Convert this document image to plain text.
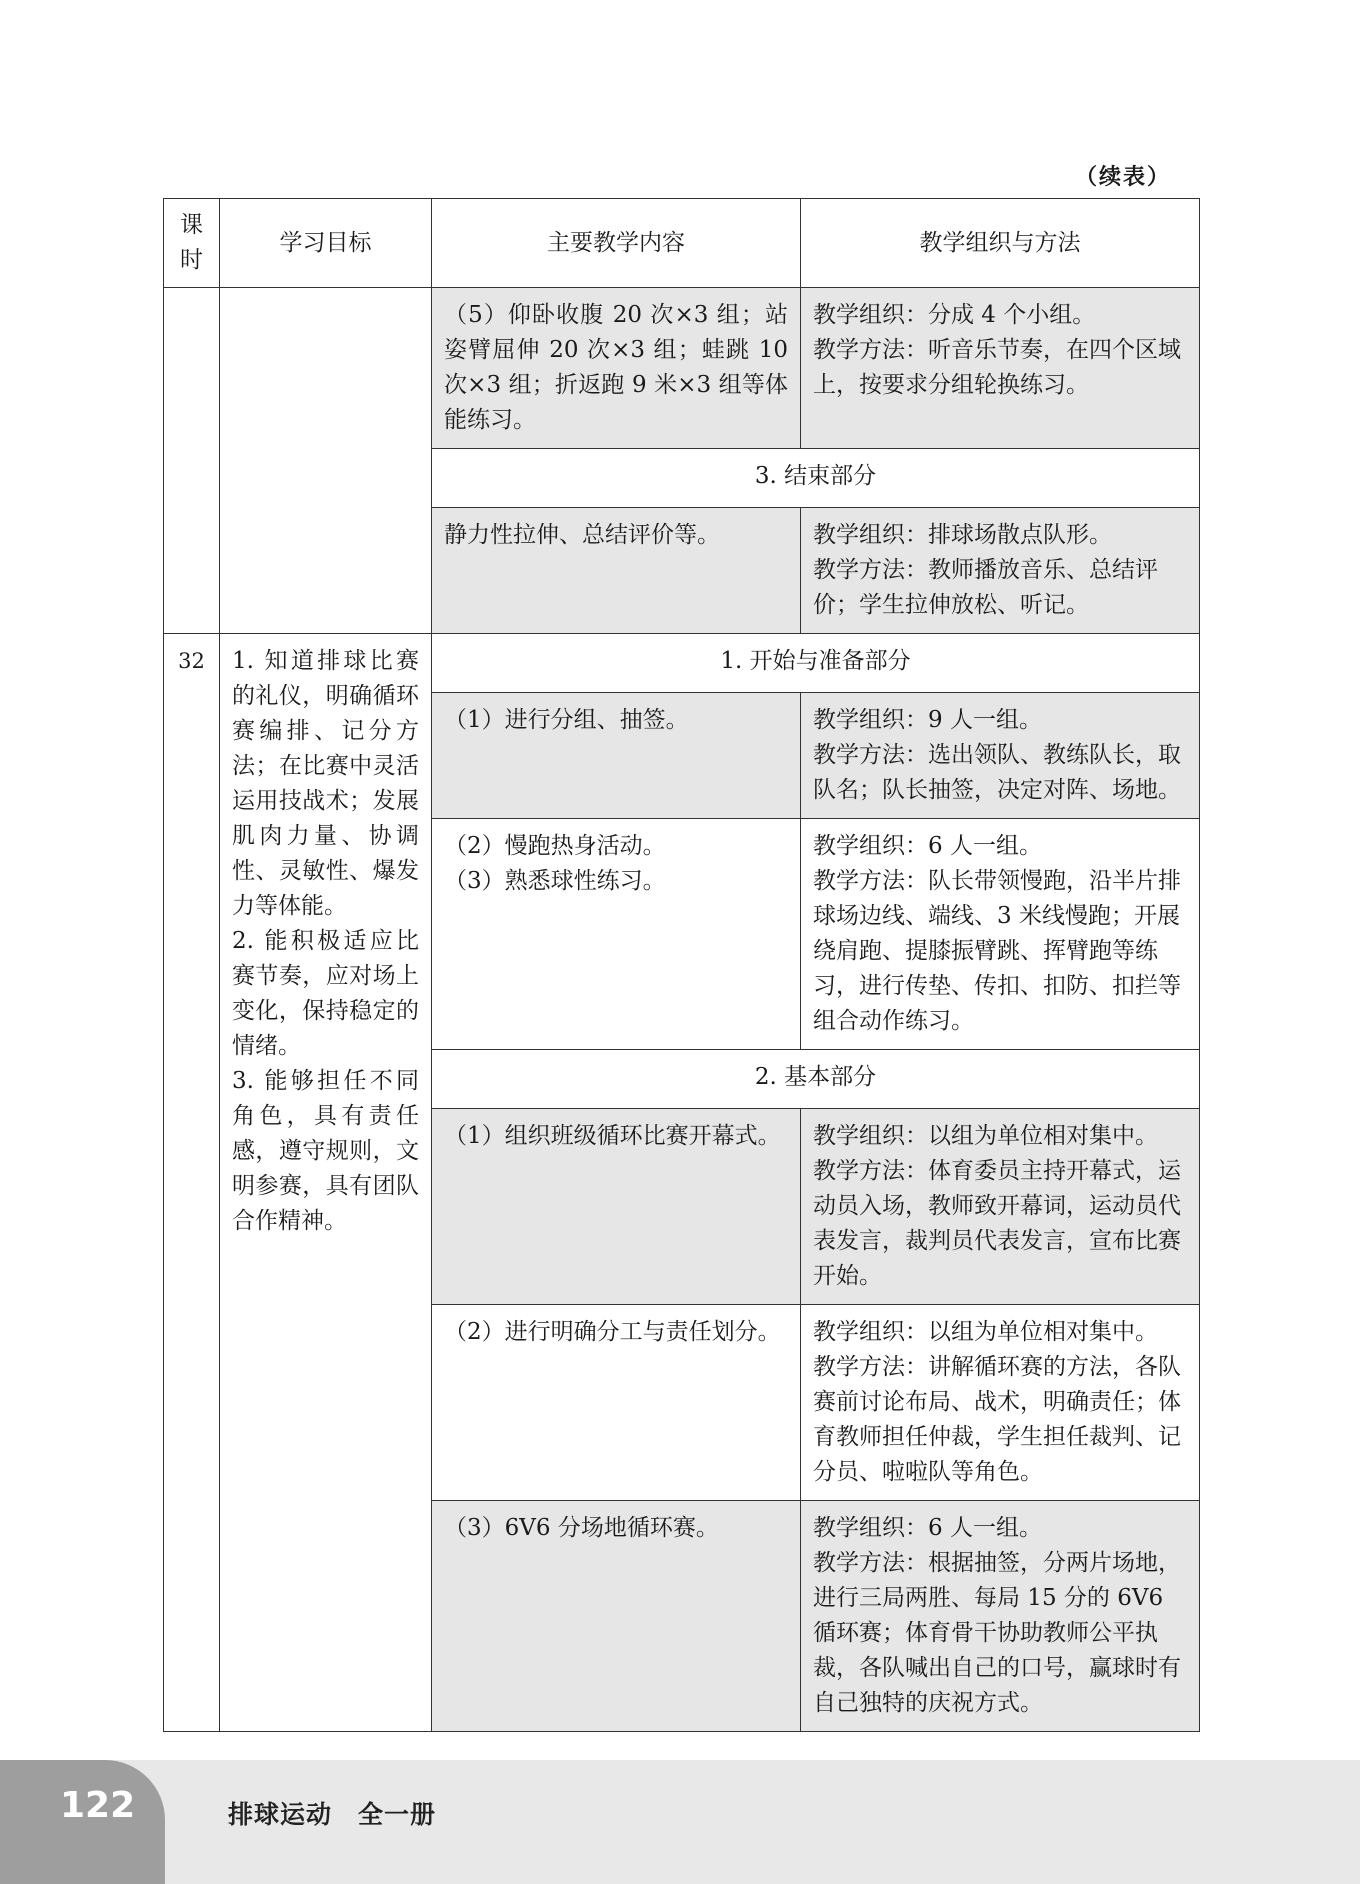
（续表）
课时	学习目标	主要教学内容	教学组织与方法
		（5）仰卧收腹 20 次×3 组；站姿臂屈伸 20 次×3 组；蛙跳 10 次×3 组；折返跑 9 米×3 组等体能练习。	教学组织：分成 4 个小组。
教学方法：听音乐节奏，在四个区域上，按要求分组轮换练习。

		3. 结束部分	
		静力性拉伸、总结评价等。	教学组织：排球场散点队形。
教学方法：教师播放音乐、总结评价；学生拉伸放松、听记。

32	1. 知道排球比赛的礼仪，明确循环赛编排、记分方法；在比赛中灵活运用技战术；发展肌肉力量、协调性、灵敏性、爆发力等体能。
2. 能积极适应比赛节奏，应对场上变化，保持稳定的情绪。
3. 能够担任不同角色，具有责任感，遵守规则，文明参赛，具有团队合作精神。	1. 开始与准备部分	
		（1）进行分组、抽签。	教学组织：9 人一组。
教学方法：选出领队、教练队长，取队名；队长抽签，决定对阵、场地。

		（2）慢跑热身活动。
（3）熟悉球性练习。	教学组织：6 人一组。
教学方法：队长带领慢跑，沿半片排球场边线、端线、3 米线慢跑；开展绕肩跑、提膝振臂跳、挥臂跑等练习，进行传垫、传扣、扣防、扣拦等组合动作练习。

		2. 基本部分	
		（1）组织班级循环比赛开幕式。	教学组织：以组为单位相对集中。
教学方法：体育委员主持开幕式，运动员入场，教师致开幕词，运动员代表发言，裁判员代表发言，宣布比赛开始。

		（2）进行明确分工与责任划分。	教学组织：以组为单位相对集中。
教学方法：讲解循环赛的方法，各队赛前讨论布局、战术，明确责任；体育教师担任仲裁，学生担任裁判、记分员、啦啦队等角色。

		（3）6V6 分场地循环赛。	教学组织：6 人一组。
教学方法：根据抽签，分两片场地，进行三局两胜、每局 15 分的 6V6 循环赛；体育骨干协助教师公平执裁，各队喊出自己的口号，赢球时有自己独特的庆祝方式。
122	排球运动　全一册
